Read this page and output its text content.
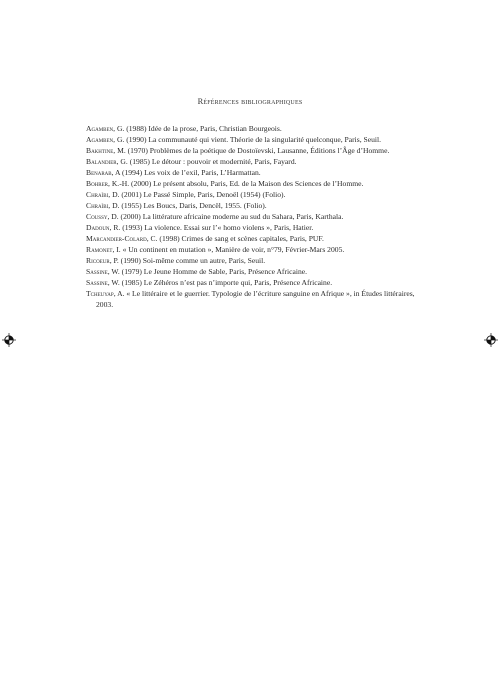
Références bibliographiques
Agamben, G. (1988) Idée de la prose, Paris, Christian Bourgeois.
Agamben, G. (1990) La communauté qui vient. Théorie de la singularité quelconque, Paris, Seuil.
Bakhtine, M. (1970) Problèmes de la poétique de Dostoïevski, Lausanne, Éditions l’Âge d’Homme.
Balandier, G. (1985) Le détour : pouvoir et modernité, Paris, Fayard.
Benarab, A (1994) Les voix de l’exil, Paris, L’Harmattan.
Bohrer, K.-H. (2000) Le présent absolu, Paris, Ed. de la Maison des Sciences de l’Homme.
Chraïbi, D. (2001) Le Passé Simple, Paris, Denoël (1954) (Folio).
Chraïbi, D. (1955) Les Boucs, Daris, Dencël, 1955. (Folio).
Coussy, D. (2000) La littérature africaine moderne au sud du Sahara, Paris, Karthala.
Dadoun, R. (1993) La violence. Essai sur l’« homo violens », Paris, Hatier.
Marcandier-Colard, C. (1998) Crimes de sang et scènes capitales, Paris, PUF.
Ramonet, I. « Un continent en mutation », Manière de voir, n°79, Février-Mars 2005.
Ricoeur, P. (1990) Soi-même comme un autre, Paris, Seuil.
Sassine, W. (1979) Le Jeune Homme de Sable, Paris, Présence Africaine.
Sassine, W. (1985) Le Zéhéros n’est pas n’importe qui, Paris, Présence Africaine.
Tcheuyap, A. « Le littéraire et le guerrier. Typologie de l’écriture sanguine en Afrique », in Études littéraires, 2003.
